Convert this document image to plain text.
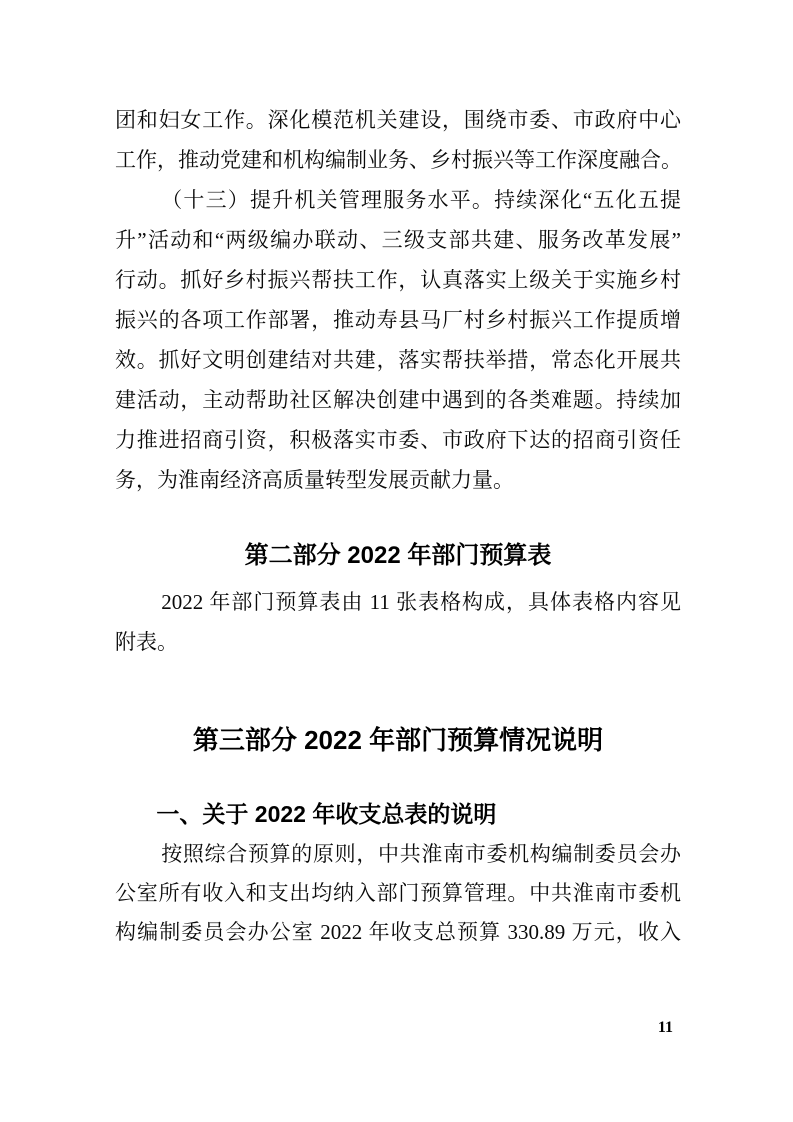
团和妇女工作。深化模范机关建设，围绕市委、市政府中心
工作，推动党建和机构编制业务、乡村振兴等工作深度融合。
（十三）提升机关管理服务水平。持续深化“五化五提
升”活动和“两级编办联动、三级支部共建、服务改革发展”
行动。抓好乡村振兴帮扶工作，认真落实上级关于实施乡村
振兴的各项工作部署，推动寿县马厂村乡村振兴工作提质增
效。抓好文明创建结对共建，落实帮扶举措，常态化开展共
建活动，主动帮助社区解决创建中遇到的各类难题。持续加
力推进招商引资，积极落实市委、市政府下达的招商引资任
务，为淮南经济高质量转型发展贡献力量。
第二部分 2022 年部门预算表
2022 年部门预算表由 11 张表格构成，具体表格内容见
附表。
第三部分 2022 年部门预算情况说明
一、关于 2022 年收支总表的说明
按照综合预算的原则，中共淮南市委机构编制委员会办
公室所有收入和支出均纳入部门预算管理。中共淮南市委机
构编制委员会办公室 2022 年收支总预算 330.89 万元，收入
11
